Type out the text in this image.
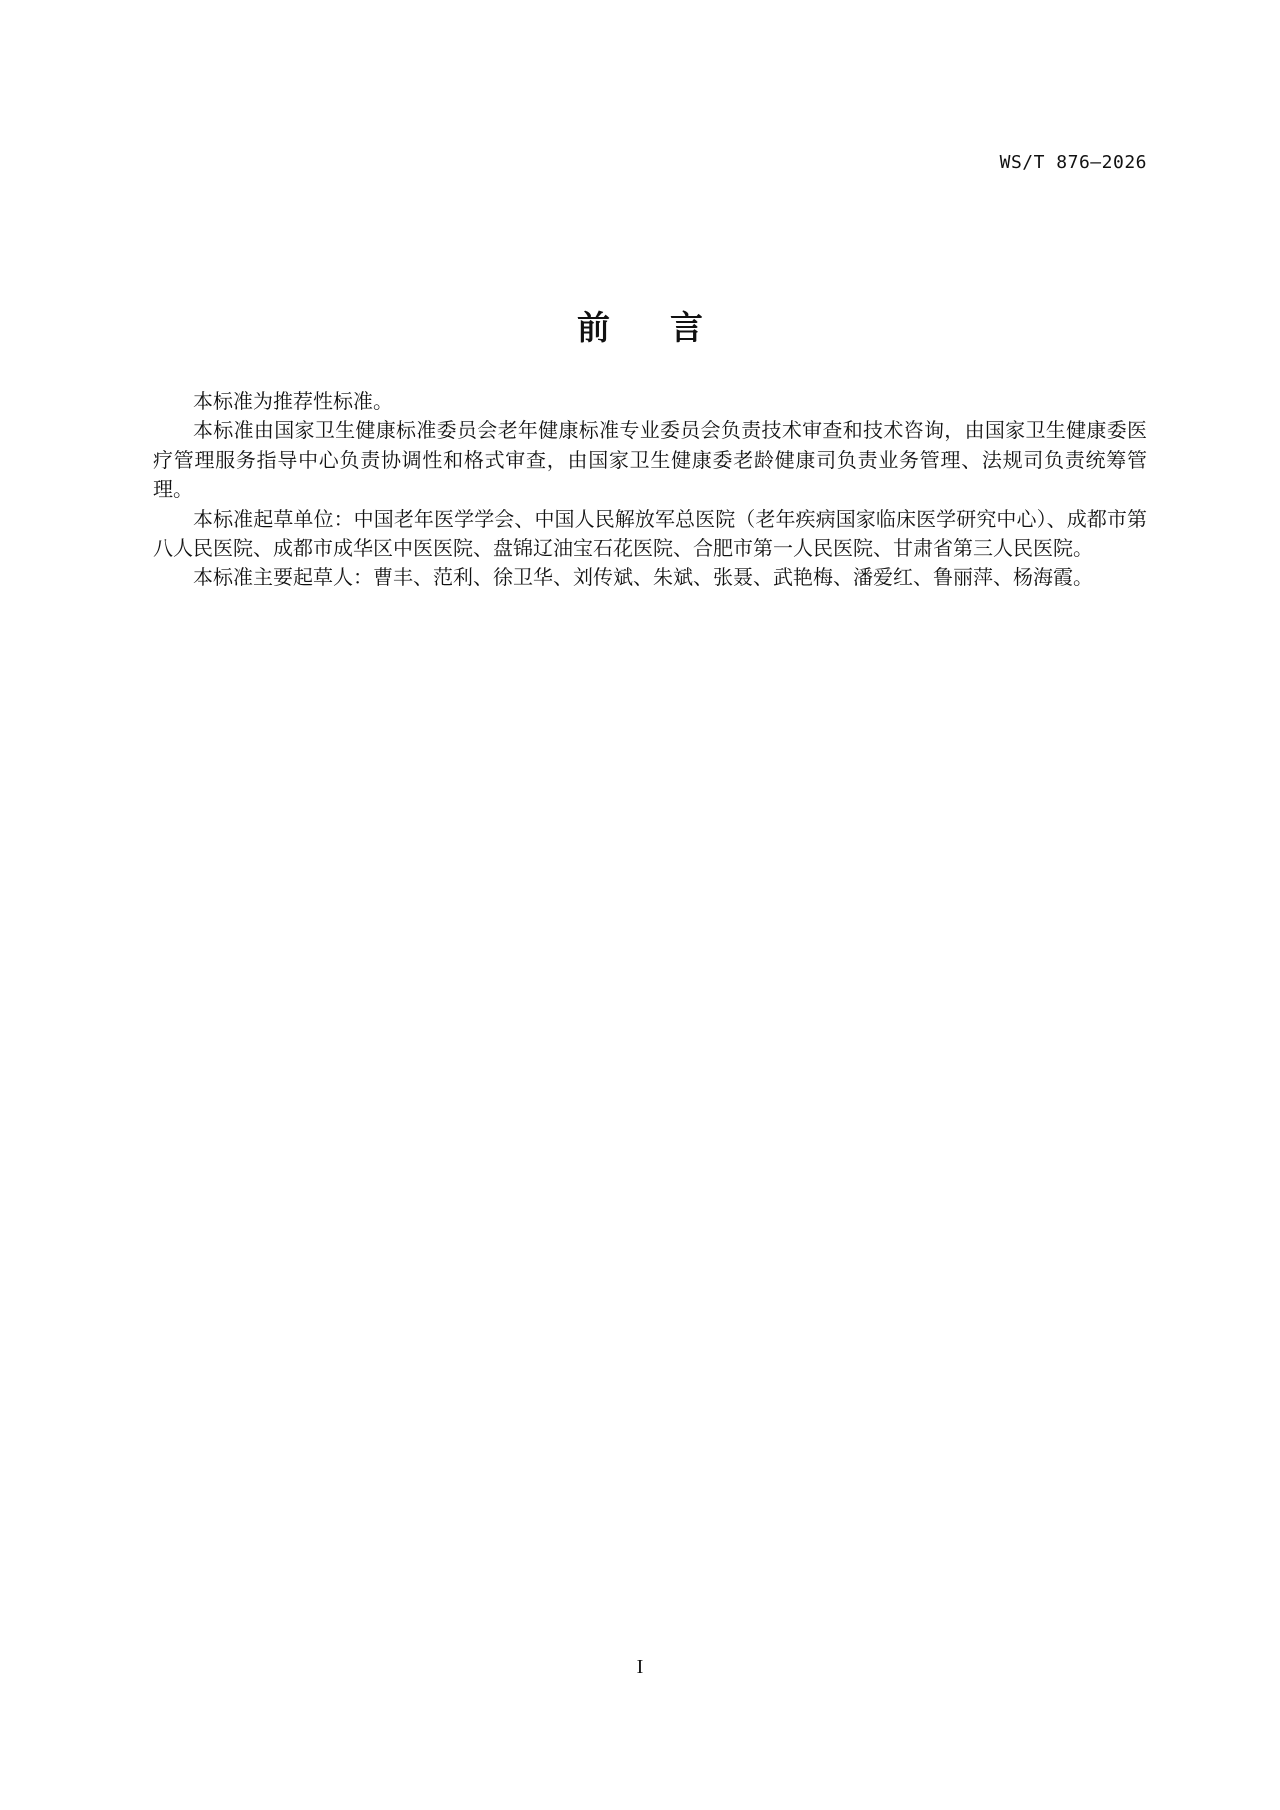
WS/T 876—2026
前言

本标准为推荐性标准。

本标准由国家卫生健康标准委员会老年健康标准专业委员会负责技术审查和技术咨询，由国家卫生健康委医疗管理服务指导中心负责协调性和格式审查，由国家卫生健康委老龄健康司负责业务管理、法规司负责统筹管理。

本标准起草单位：中国老年医学学会、中国人民解放军总医院（老年疾病国家临床医学研究中心）、成都市第八人民医院、成都市成华区中医医院、盘锦辽油宝石花医院、合肥市第一人民医院、甘肃省第三人民医院。

本标准主要起草人：曹丰、范利、徐卫华、刘传斌、朱斌、张聂、武艳梅、潘爱红、鲁丽萍、杨海霞。

I
